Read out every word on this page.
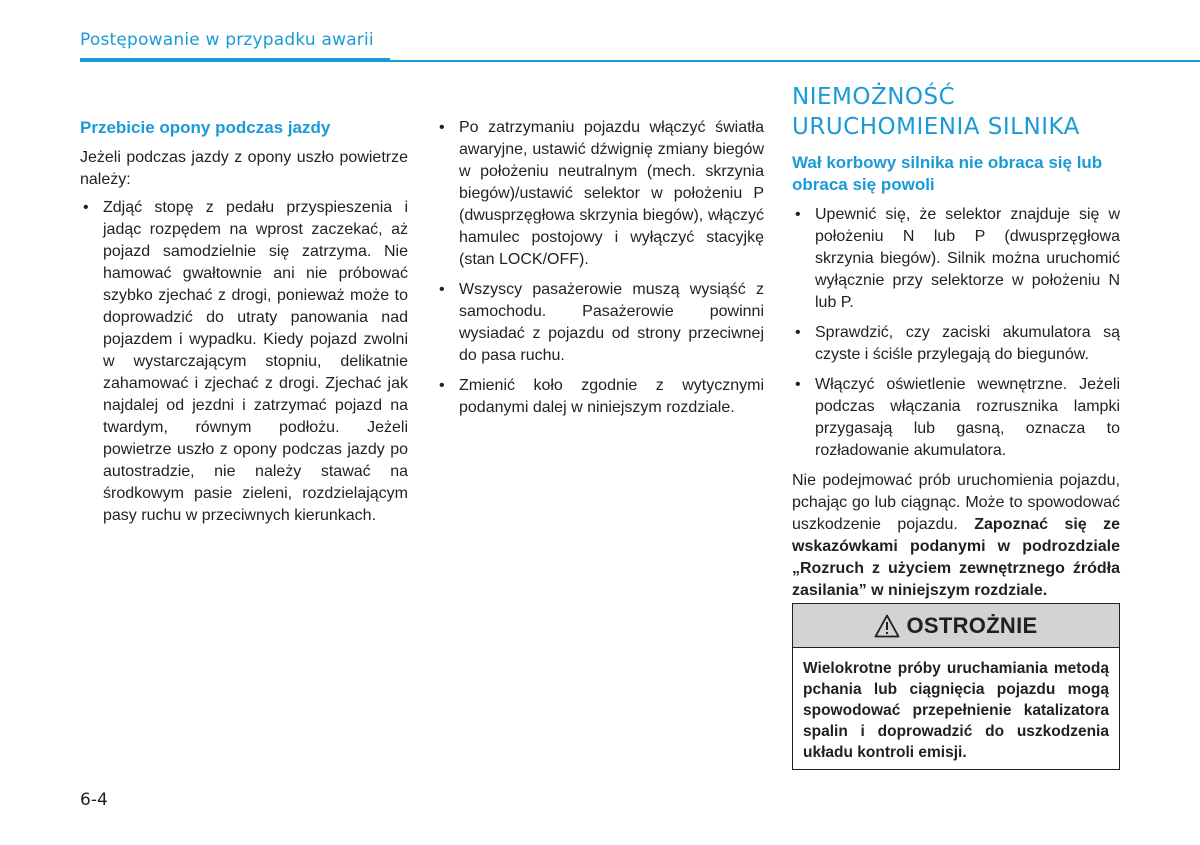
Postępowanie w przypadku awarii
Przebicie opony podczas jazdy

Jeżeli podczas jazdy z opony uszło powietrze należy:

• Zdjąć stopę z pedału przyspieszenia i jadąc rozpędem na wprost zaczekać, aż pojazd samodzielnie się zatrzyma. Nie hamować gwałtownie ani nie próbować szybko zjechać z drogi, ponieważ może to doprowadzić do utraty panowania nad pojazdem i wypadku. Kiedy pojazd zwolni w wystarczającym stopniu, delikatnie zahamować i zjechać z drogi. Zjechać jak najdalej od jezdni i zatrzymać pojazd na twardym, równym podłożu. Jeżeli powietrze uszło z opony podczas jazdy po autostradzie, nie należy stawać na środkowym pasie zieleni, rozdzielającym pasy ruchu w przeciwnych kierunkach.
• Po zatrzymaniu pojazdu włączyć światła awaryjne, ustawić dźwignię zmiany biegów w położeniu neutralnym (mech. skrzynia biegów)/ustawić selektor w położeniu P (dwusprzęgłowa skrzynia biegów), włączyć hamulec postojowy i wyłączyć stacyjkę (stan LOCK/OFF).
• Wszyscy pasażerowie muszą wysiąść z samochodu. Pasażerowie powinni wysiadać z pojazdu od strony przeciwnej do pasa ruchu.
• Zmienić koło zgodnie z wytycznymi podanymi dalej w niniejszym rozdziale.
NIEMOŻNOŚĆ
URUCHOMIENIA SILNIKA
Wał korbowy silnika nie obraca się lub obraca się powoli
• Upewnić się, że selektor znajduje się w położeniu N lub P (dwusprzęgłowa skrzynia biegów). Silnik można uruchomić wyłącznie przy selektorze w położeniu N lub P.
• Sprawdzić, czy zaciski akumulatora są czyste i ściśle przylegają do biegunów.
• Włączyć oświetlenie wewnętrzne. Jeżeli podczas włączania rozrusznika lampki przygasają lub gasną, oznacza to rozładowanie akumulatora.

Nie podejmować prób uruchomienia pojazdu, pchając go lub ciągnąc. Może to spowodować uszkodzenie pojazdu. Zapoznać się ze wskazówkami podanymi w podrozdziale „Rozruch z użyciem zewnętrznego źródła zasilania” w niniejszym rozdziale.

OSTROŻNIE
Wielokrotne próby uruchamiania metodą pchania lub ciągnięcia pojazdu mogą spowodować przepełnienie katalizatora spalin i doprowadzić do uszkodzenia układu kontroli emisji.
6-4
